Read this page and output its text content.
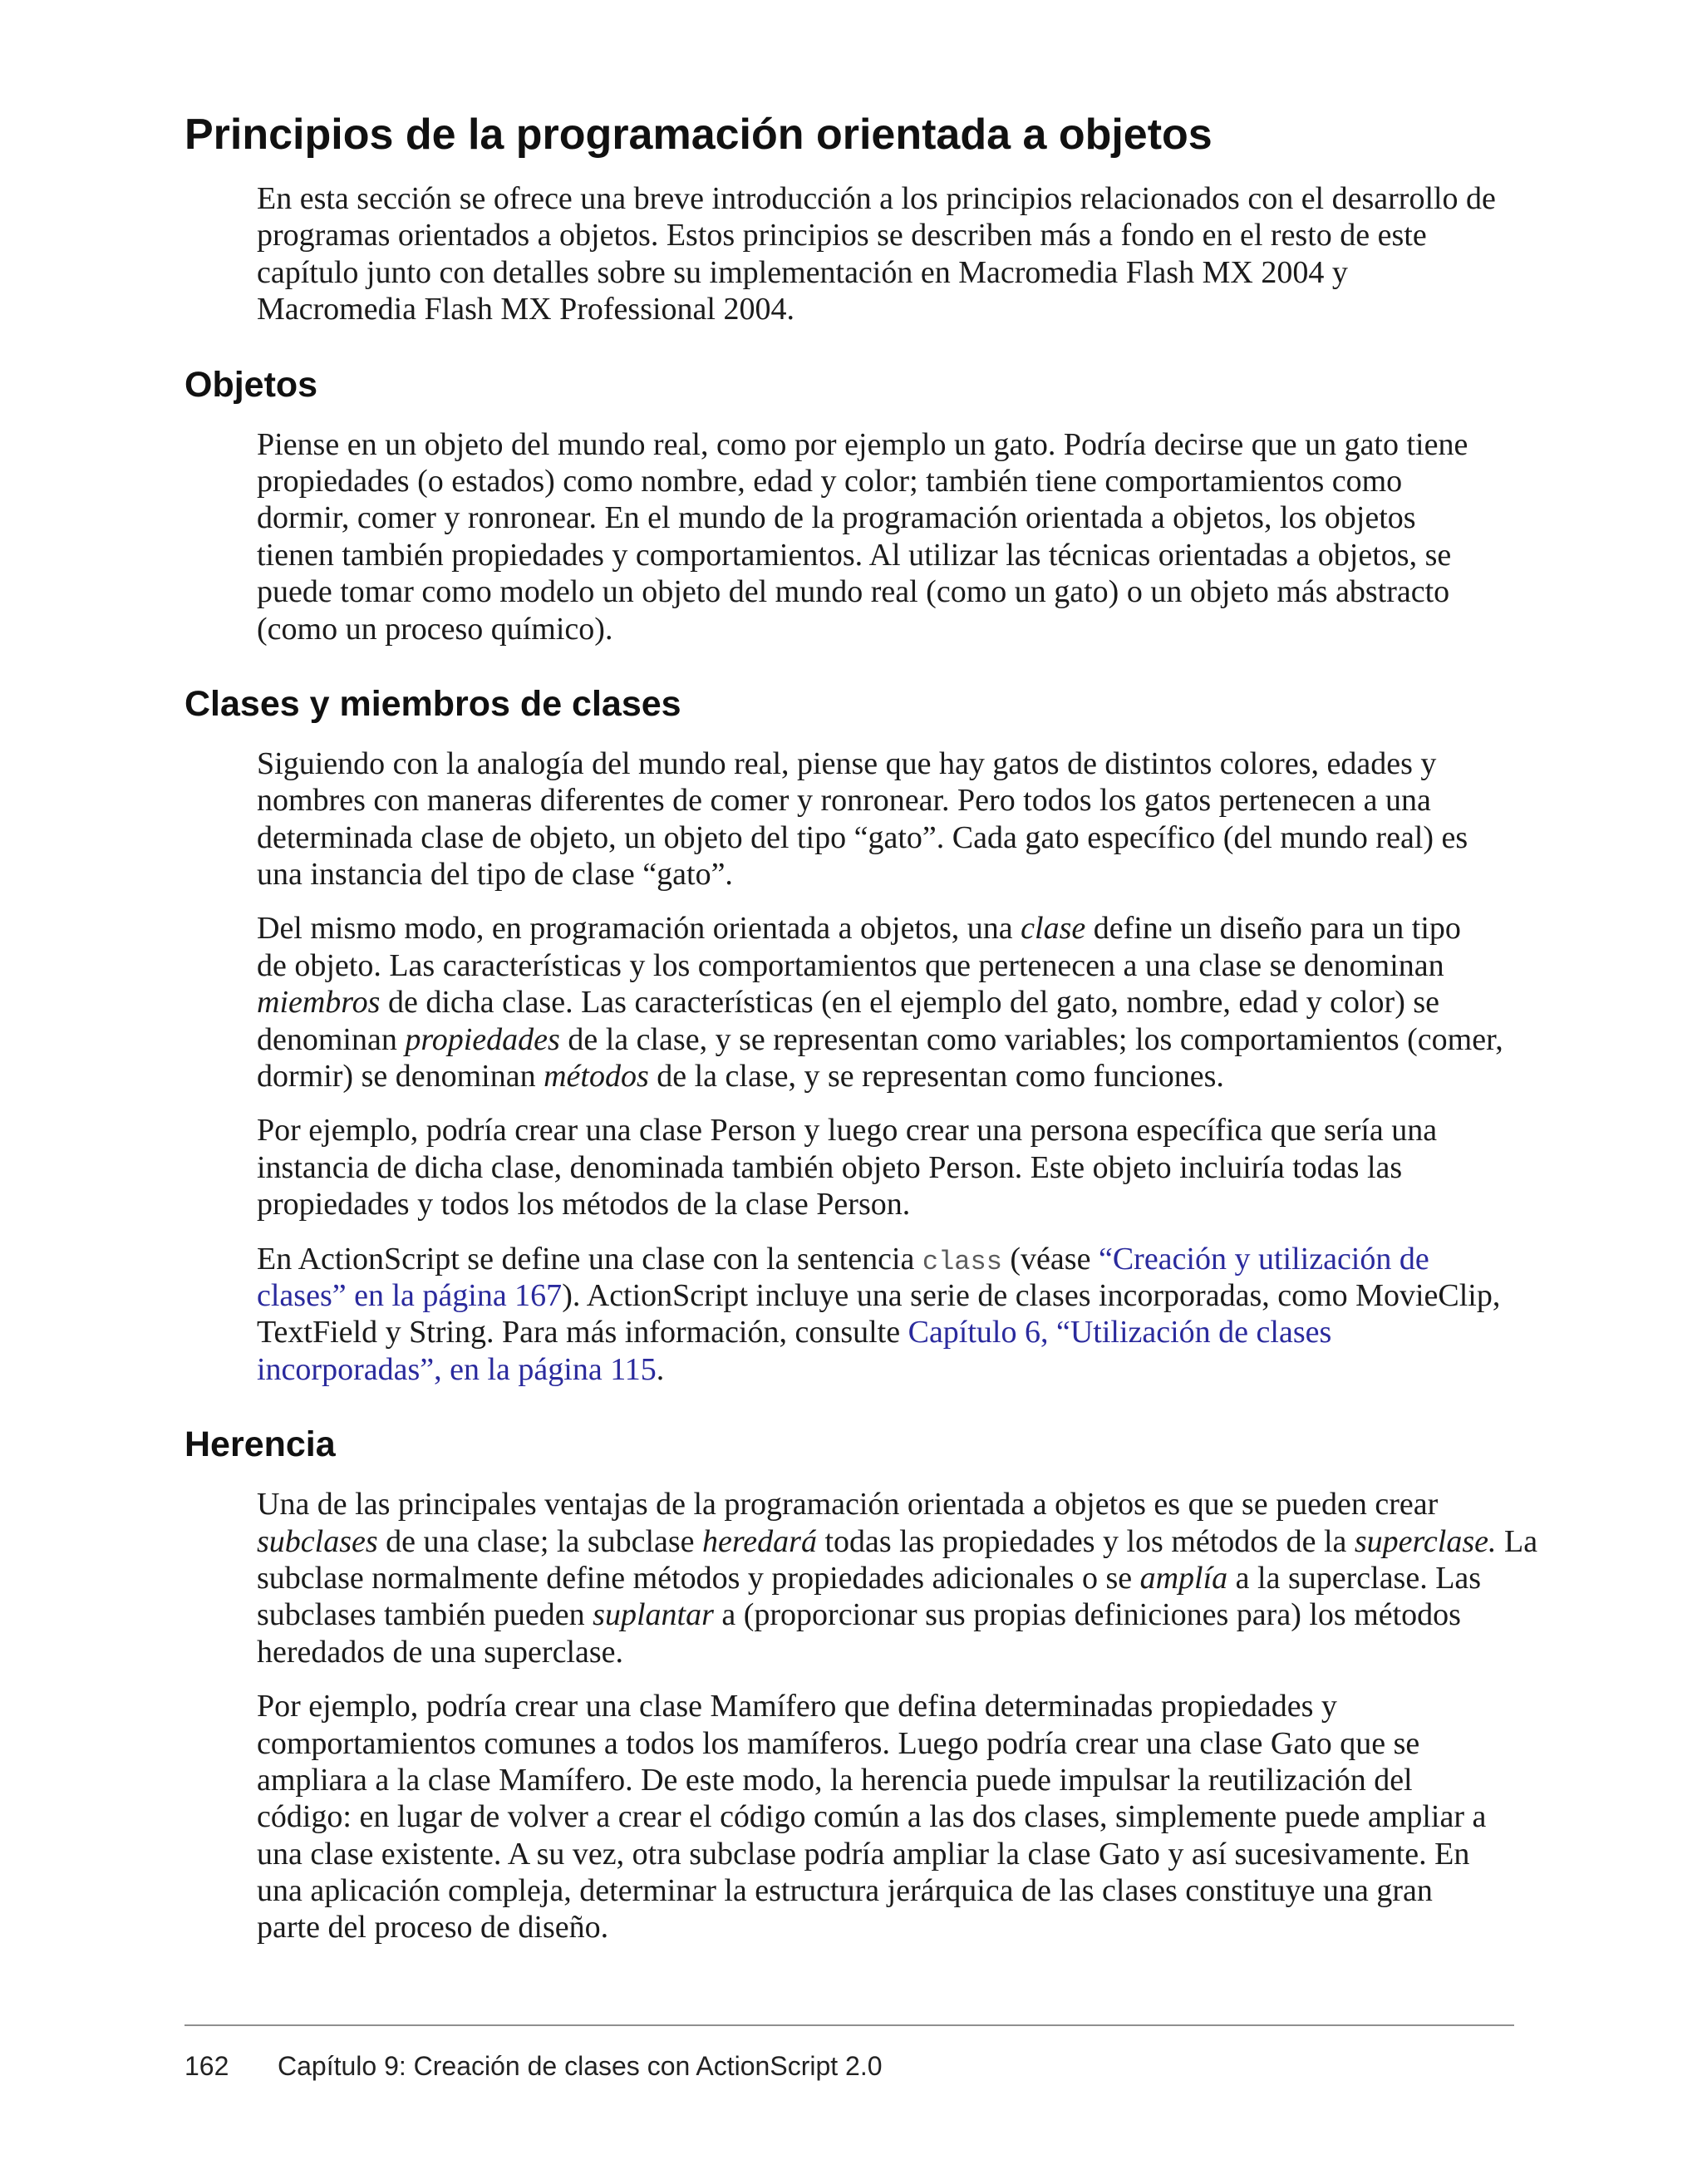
Principios de la programación orientada a objetos
En esta sección se ofrece una breve introducción a los principios relacionados con el desarrollo de
programas orientados a objetos. Estos principios se describen más a fondo en el resto de este
capítulo junto con detalles sobre su implementación en Macromedia Flash MX 2004 y
Macromedia Flash MX Professional 2004.
Objetos
Piense en un objeto del mundo real, como por ejemplo un gato. Podría decirse que un gato tiene
propiedades (o estados) como nombre, edad y color; también tiene comportamientos como
dormir, comer y ronronear. En el mundo de la programación orientada a objetos, los objetos
tienen también propiedades y comportamientos. Al utilizar las técnicas orientadas a objetos, se
puede tomar como modelo un objeto del mundo real (como un gato) o un objeto más abstracto
(como un proceso químico).
Clases y miembros de clases
Siguiendo con la analogía del mundo real, piense que hay gatos de distintos colores, edades y
nombres con maneras diferentes de comer y ronronear. Pero todos los gatos pertenecen a una
determinada clase de objeto, un objeto del tipo “gato”. Cada gato específico (del mundo real) es
una instancia del tipo de clase “gato”.
Del mismo modo, en programación orientada a objetos, una clase define un diseño para un tipo
de objeto. Las características y los comportamientos que pertenecen a una clase se denominan
miembros de dicha clase. Las características (en el ejemplo del gato, nombre, edad y color) se
denominan propiedades de la clase, y se representan como variables; los comportamientos (comer,
dormir) se denominan métodos de la clase, y se representan como funciones.
Por ejemplo, podría crear una clase Person y luego crear una persona específica que sería una
instancia de dicha clase, denominada también objeto Person. Este objeto incluiría todas las
propiedades y todos los métodos de la clase Person.
En ActionScript se define una clase con la sentencia class (véase “Creación y utilización de
clases” en la página 167). ActionScript incluye una serie de clases incorporadas, como MovieClip,
TextField y String. Para más información, consulte Capítulo 6, “Utilización de clases
incorporadas”, en la página 115.
Herencia
Una de las principales ventajas de la programación orientada a objetos es que se pueden crear
subclases de una clase; la subclase heredará todas las propiedades y los métodos de la superclase. La
subclase normalmente define métodos y propiedades adicionales o se amplía a la superclase. Las
subclases también pueden suplantar a (proporcionar sus propias definiciones para) los métodos
heredados de una superclase.
Por ejemplo, podría crear una clase Mamífero que defina determinadas propiedades y
comportamientos comunes a todos los mamíferos. Luego podría crear una clase Gato que se
ampliara a la clase Mamífero. De este modo, la herencia puede impulsar la reutilización del
código: en lugar de volver a crear el código común a las dos clases, simplemente puede ampliar a
una clase existente. A su vez, otra subclase podría ampliar la clase Gato y así sucesivamente. En
una aplicación compleja, determinar la estructura jerárquica de las clases constituye una gran
parte del proceso de diseño.
162 Capítulo 9: Creación de clases con ActionScript 2.0
